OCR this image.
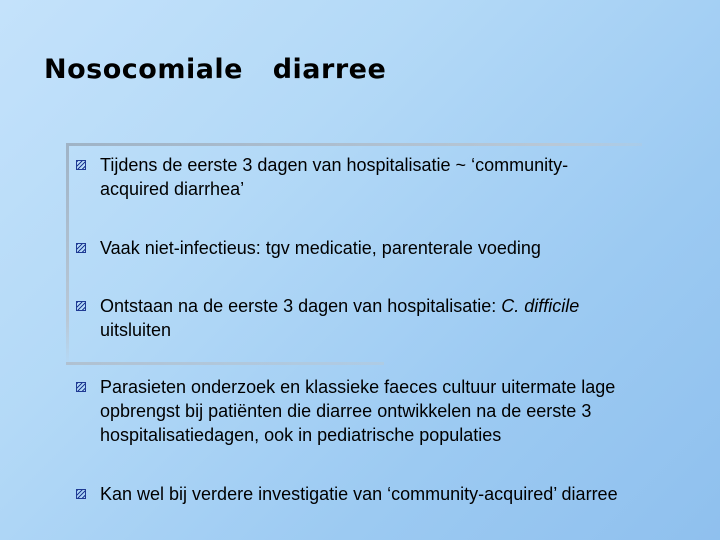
Nosocomiale   diarree
Tijdens de eerste 3 dagen van hospitalisatie ~ ‘community-
acquired diarrhea’
Vaak niet-infectieus: tgv medicatie, parenterale voeding
Ontstaan na de eerste 3 dagen van hospitalisatie: C. difficile
uitsluiten
Parasieten onderzoek en klassieke faeces cultuur uitermate lage
opbrengst bij patiënten die diarree ontwikkelen na de eerste 3
hospitalisatiedagen, ook in pediatrische populaties
Kan wel bij verdere investigatie van ‘community-acquired’ diarree
